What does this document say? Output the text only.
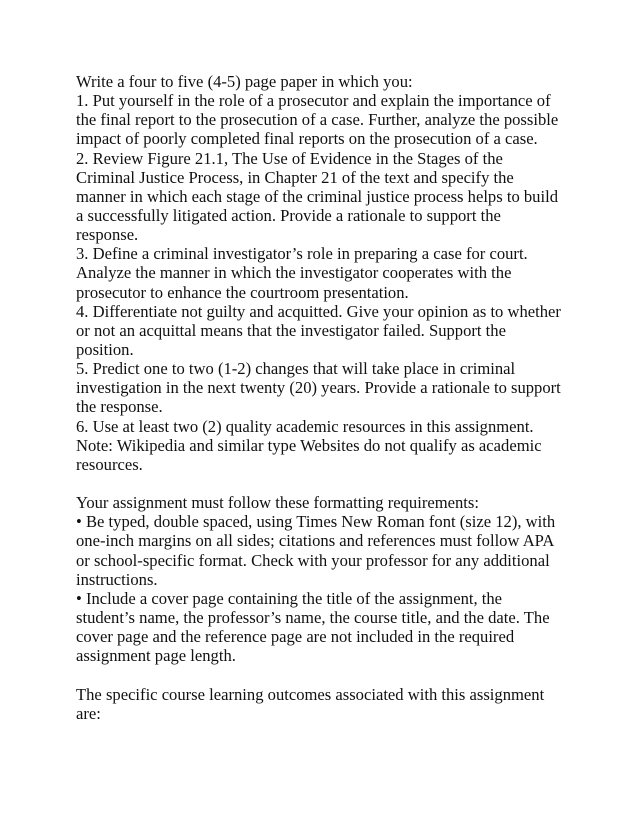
Write a four to five (4-5) page paper in which you:
1. Put yourself in the role of a prosecutor and explain the importance of
the final report to the prosecution of a case. Further, analyze the possible
impact of poorly completed final reports on the prosecution of a case.
2. Review Figure 21.1, The Use of Evidence in the Stages of the
Criminal Justice Process, in Chapter 21 of the text and specify the
manner in which each stage of the criminal justice process helps to build
a successfully litigated action. Provide a rationale to support the
response.
3. Define a criminal investigator’s role in preparing a case for court.
Analyze the manner in which the investigator cooperates with the
prosecutor to enhance the courtroom presentation.
4. Differentiate not guilty and acquitted. Give your opinion as to whether
or not an acquittal means that the investigator failed. Support the
position.
5. Predict one to two (1-2) changes that will take place in criminal
investigation in the next twenty (20) years. Provide a rationale to support
the response.
6. Use at least two (2) quality academic resources in this assignment.
Note: Wikipedia and similar type Websites do not qualify as academic
resources.
Your assignment must follow these formatting requirements:
• Be typed, double spaced, using Times New Roman font (size 12), with
one-inch margins on all sides; citations and references must follow APA
or school-specific format. Check with your professor for any additional
instructions.
• Include a cover page containing the title of the assignment, the
student’s name, the professor’s name, the course title, and the date. The
cover page and the reference page are not included in the required
assignment page length.
The specific course learning outcomes associated with this assignment
are:
